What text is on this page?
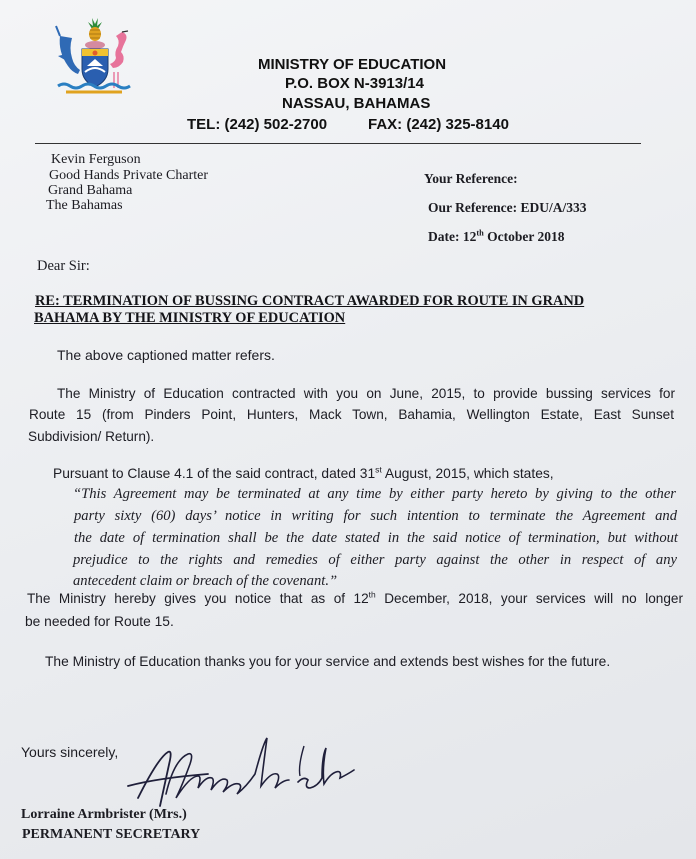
MINISTRY OF EDUCATION
P.O. BOX N-3913/14
NASSAU, BAHAMAS
TEL: (242) 502-2700	FAX: (242) 325-8140
Kevin Ferguson
Good Hands Private Charter
Grand Bahama
The Bahamas
Your Reference:
Our Reference: EDU/A/333
Date: 12th October 2018
Dear Sir:
RE: TERMINATION OF BUSSING CONTRACT AWARDED FOR ROUTE IN GRAND
BAHAMA BY THE MINISTRY OF EDUCATION
The above captioned matter refers.
The Ministry of Education contracted with you on June, 2015, to provide bussing services for
Route 15 (from Pinders Point, Hunters, Mack Town, Bahamia, Wellington Estate, East Sunset
Subdivision/ Return).
Pursuant to Clause 4.1 of the said contract, dated 31st August, 2015, which states,
“This Agreement may be terminated at any time by either party hereto by giving to the other
party sixty (60) days’ notice in writing for such intention to terminate the Agreement and
the date of termination shall be the date stated in the said notice of termination, but without
prejudice to the rights and remedies of either party against the other in respect of any
antecedent claim or breach of the covenant.”
The Ministry hereby gives you notice that as of 12th December, 2018, your services will no longer
be needed for Route 15.
The Ministry of Education thanks you for your service and extends best wishes for the future.
Yours sincerely,
Lorraine Armbrister (Mrs.)
PERMANENT SECRETARY
